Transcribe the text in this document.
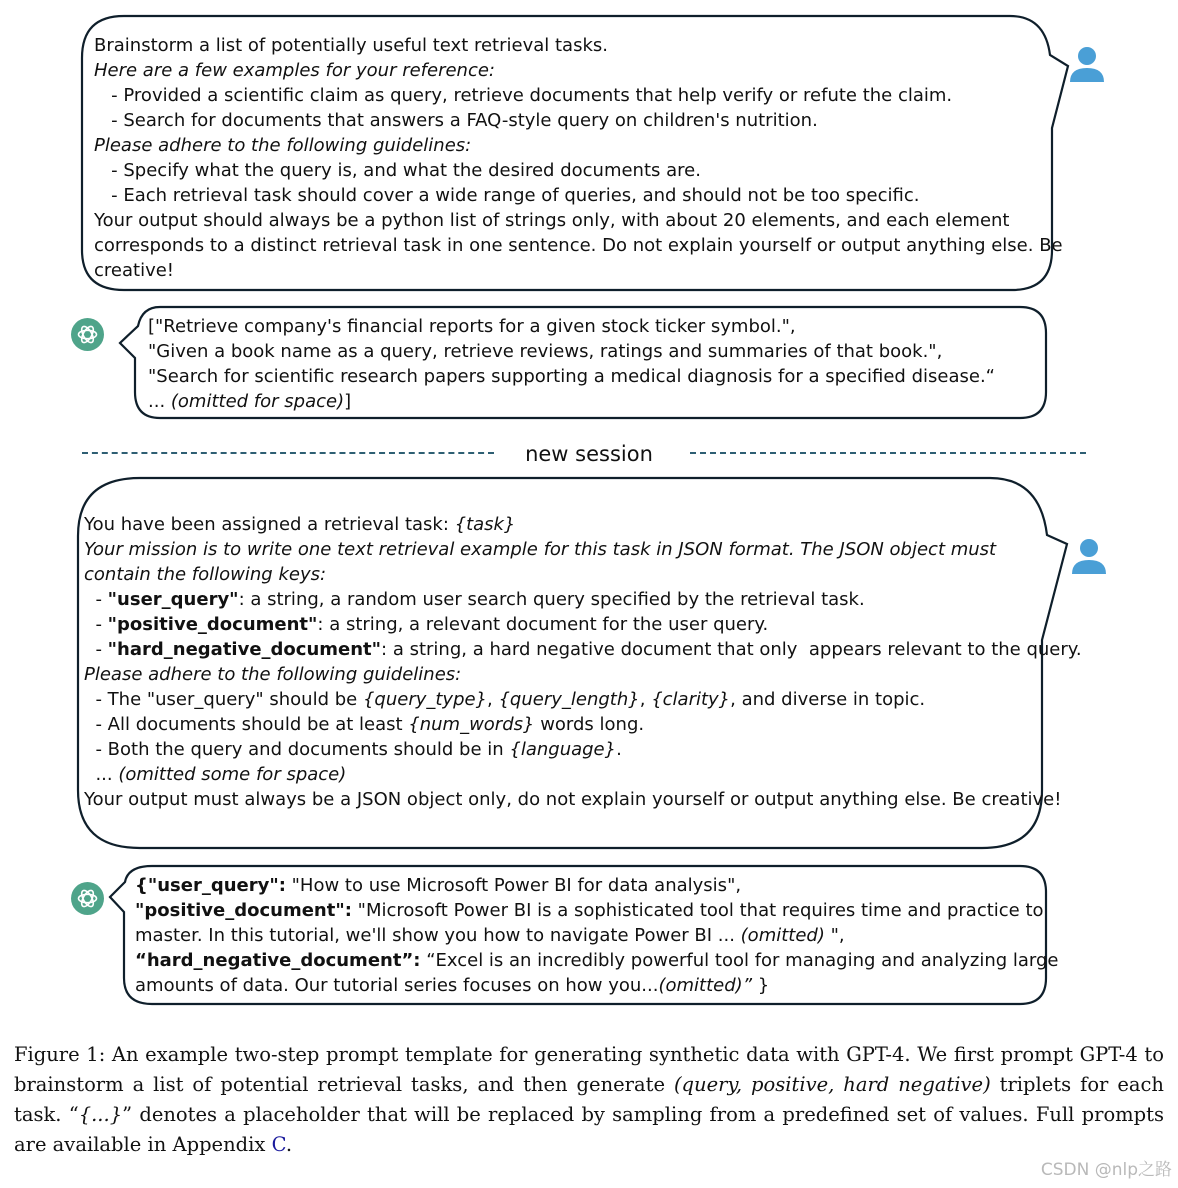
Brainstorm a list of potentially useful text retrieval tasks.
Here are a few examples for your reference:
- Provided a scientific claim as query, retrieve documents that help verify or refute the claim.
- Search for documents that answers a FAQ-style query on children's nutrition.
Please adhere to the following guidelines:
- Specify what the query is, and what the desired documents are.
- Each retrieval task should cover a wide range of queries, and should not be too specific.
Your output should always be a python list of strings only, with about 20 elements, and each element
corresponds to a distinct retrieval task in one sentence. Do not explain yourself or output anything else. Be
creative!
["Retrieve company's financial reports for a given stock ticker symbol.",
"Given a book name as a query, retrieve reviews, ratings and summaries of that book.",
"Search for scientific research papers supporting a medical diagnosis for a specified disease.“
... (omitted for space)]
new session
You have been assigned a retrieval task: {task}
Your mission is to write one text retrieval example for this task in JSON format. The JSON object must
contain the following keys:
- "user_query": a string, a random user search query specified by the retrieval task.
- "positive_document": a string, a relevant document for the user query.
- "hard_negative_document": a string, a hard negative document that only  appears relevant to the query.
Please adhere to the following guidelines:
- The "user_query" should be {query_type}, {query_length}, {clarity}, and diverse in topic.
- All documents should be at least {num_words} words long.
- Both the query and documents should be in {language}.
... (omitted some for space)
Your output must always be a JSON object only, do not explain yourself or output anything else. Be creative!
{"user_query": "How to use Microsoft Power BI for data analysis",
"positive_document": "Microsoft Power BI is a sophisticated tool that requires time and practice to
master. In this tutorial, we'll show you how to navigate Power BI ... (omitted) ",
“hard_negative_document”: “Excel is an incredibly powerful tool for managing and analyzing large
amounts of data. Our tutorial series focuses on how you...(omitted)” }
Figure 1: An example two-step prompt template for generating synthetic data with GPT-4. We first prompt GPT-4 to brainstorm a list of potential retrieval tasks, and then generate (query, positive, hard negative) triplets for each task. “{...}” denotes a placeholder that will be replaced by sampling from a predefined set of values. Full prompts are available in Appendix C.
CSDN @nlp之路
